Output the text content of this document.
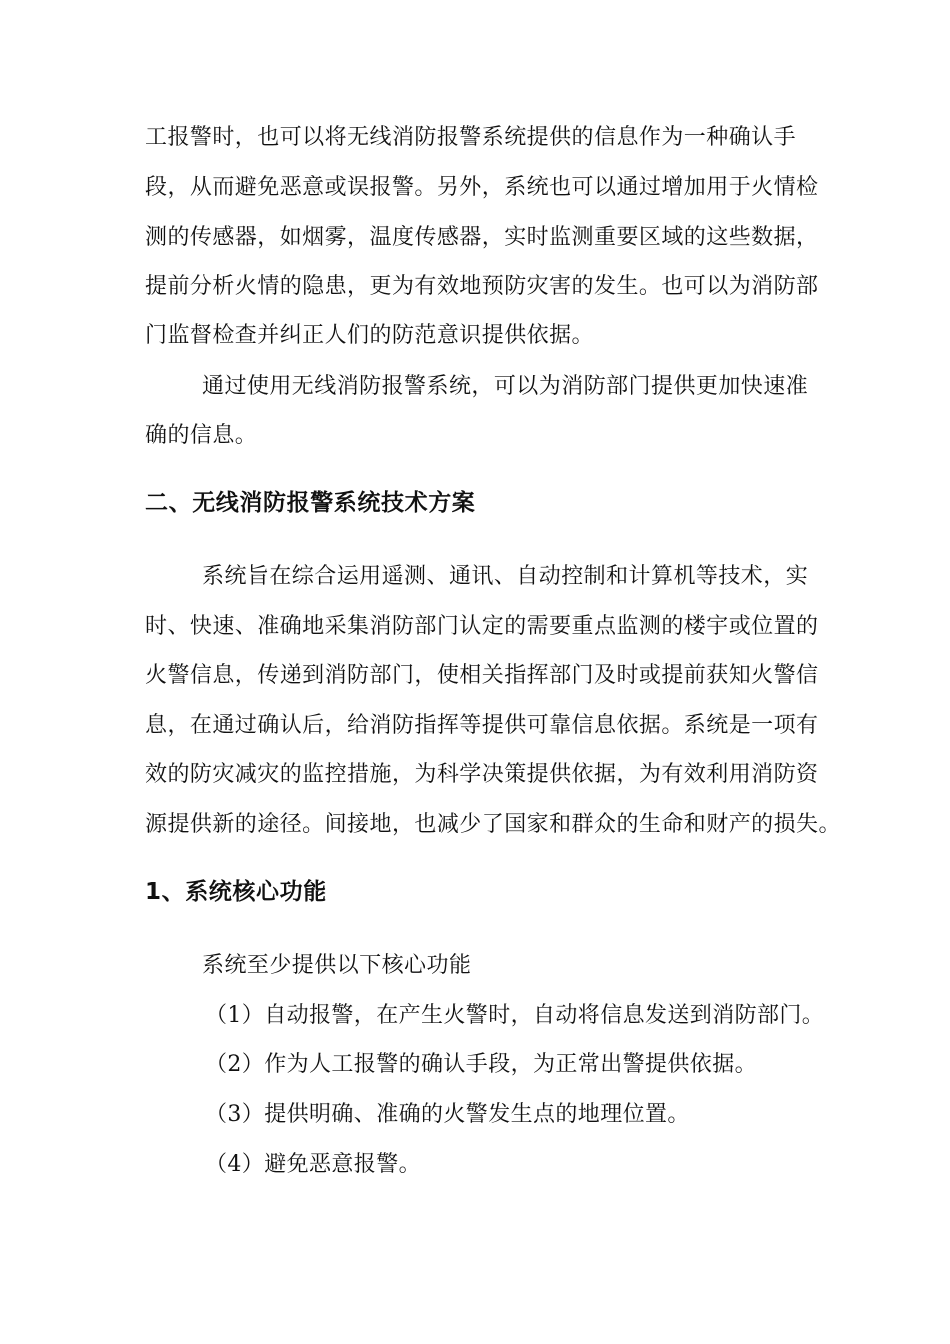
工报警时，也可以将无线消防报警系统提供的信息作为一种确认手
段，从而避免恶意或误报警。另外，系统也可以通过增加用于火情检
测的传感器，如烟雾，温度传感器，实时监测重要区域的这些数据，
提前分析火情的隐患，更为有效地预防灾害的发生。也可以为消防部
门监督检查并纠正人们的防范意识提供依据。
通过使用无线消防报警系统，可以为消防部门提供更加快速准
确的信息。
二、无线消防报警系统技术方案
系统旨在综合运用遥测、通讯、自动控制和计算机等技术，实
时、快速、准确地采集消防部门认定的需要重点监测的楼宇或位置的
火警信息，传递到消防部门，使相关指挥部门及时或提前获知火警信
息，在通过确认后，给消防指挥等提供可靠信息依据。系统是一项有
效的防灾减灾的监控措施，为科学决策提供依据，为有效利用消防资
源提供新的途径。间接地，也减少了国家和群众的生命和财产的损失。
1、系统核心功能
系统至少提供以下核心功能
（1）自动报警，在产生火警时，自动将信息发送到消防部门。
（2）作为人工报警的确认手段，为正常出警提供依据。
（3）提供明确、准确的火警发生点的地理位置。
（4）避免恶意报警。
